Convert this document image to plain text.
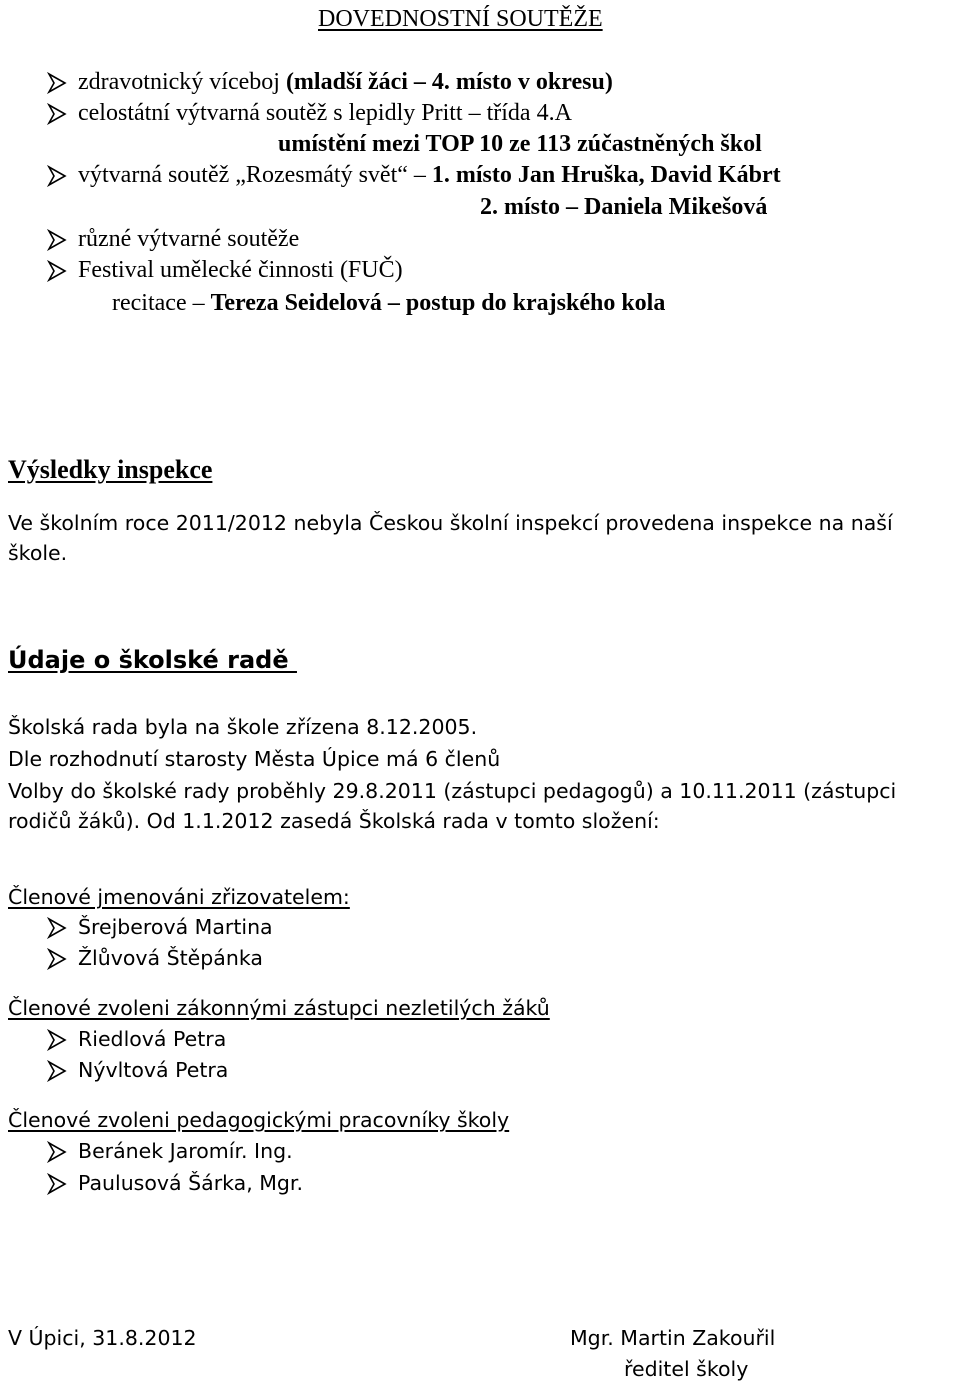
DOVEDNOSTNÍ SOUTĚŽE
zdravotnický víceboj (mladší žáci – 4. místo v okresu)
celostátní výtvarná soutěž s lepidly Pritt – třída 4.A
umístění mezi TOP 10 ze 113 zúčastněných škol
výtvarná soutěž „Rozesmátý svět“ – 1. místo Jan Hruška, David Kábrt
2. místo – Daniela Mikešová
různé výtvarné soutěže
Festival umělecké činnosti (FUČ)
recitace – Tereza Seidelová – postup do krajského kola
Výsledky inspekce
Ve školním roce 2011/2012 nebyla Českou školní inspekcí provedena inspekce na naší
škole.
Údaje o školské radě
Školská rada byla na škole zřízena 8.12.2005.
Dle rozhodnutí starosty Města Úpice má 6 členů
Volby do školské rady proběhly 29.8.2011 (zástupci pedagogů) a 10.11.2011 (zástupci
rodičů žáků). Od 1.1.2012 zasedá Školská rada v tomto složení:
Členové jmenováni zřizovatelem:
Šrejberová Martina
Žlůvová Štěpánka
Členové zvoleni zákonnými zástupci nezletilých žáků
Riedlová Petra
Nývltová Petra
Členové zvoleni pedagogickými pracovníky školy
Beránek Jaromír. Ing.
Paulusová Šárka, Mgr.
V Úpici, 31.8.2012	Mgr. Martin Zakouřil
ředitel školy
